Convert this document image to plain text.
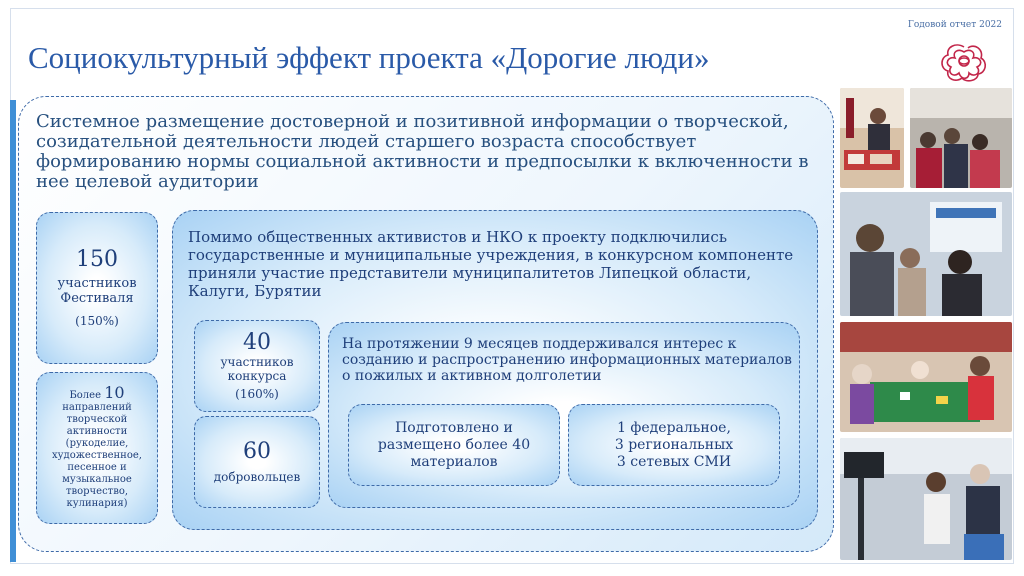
Годовой отчет 2022
Социокультурный эффект проекта «Дорогие люди»

Системное размещение достоверной и позитивной информации о творческой, созидательной деятельности людей старшего возраста способствует формированию нормы социальной активности и предпосылки к включенности в нее целевой аудитории

150
участников Фестиваля
(150%)
Более 10
направлений творческой активности (рукоделие, художественное, песенное и музыкальное творчество, кулинария)

Помимо общественных активистов и НКО к проекту подключились государственные и муниципальные учреждения, в конкурсном компоненте приняли участие представители муниципалитетов Липецкой области, Калуги, Бурятии

40
участников конкурса
(160%)
60
добровольцев

На протяжении 9 месяцев поддерживался интерес к созданию и распространению информационных материалов о пожилых и активном долголетии

Подготовлено и размещено более 40 материалов
1 федеральное,
3 региональных
3 сетевых СМИ
